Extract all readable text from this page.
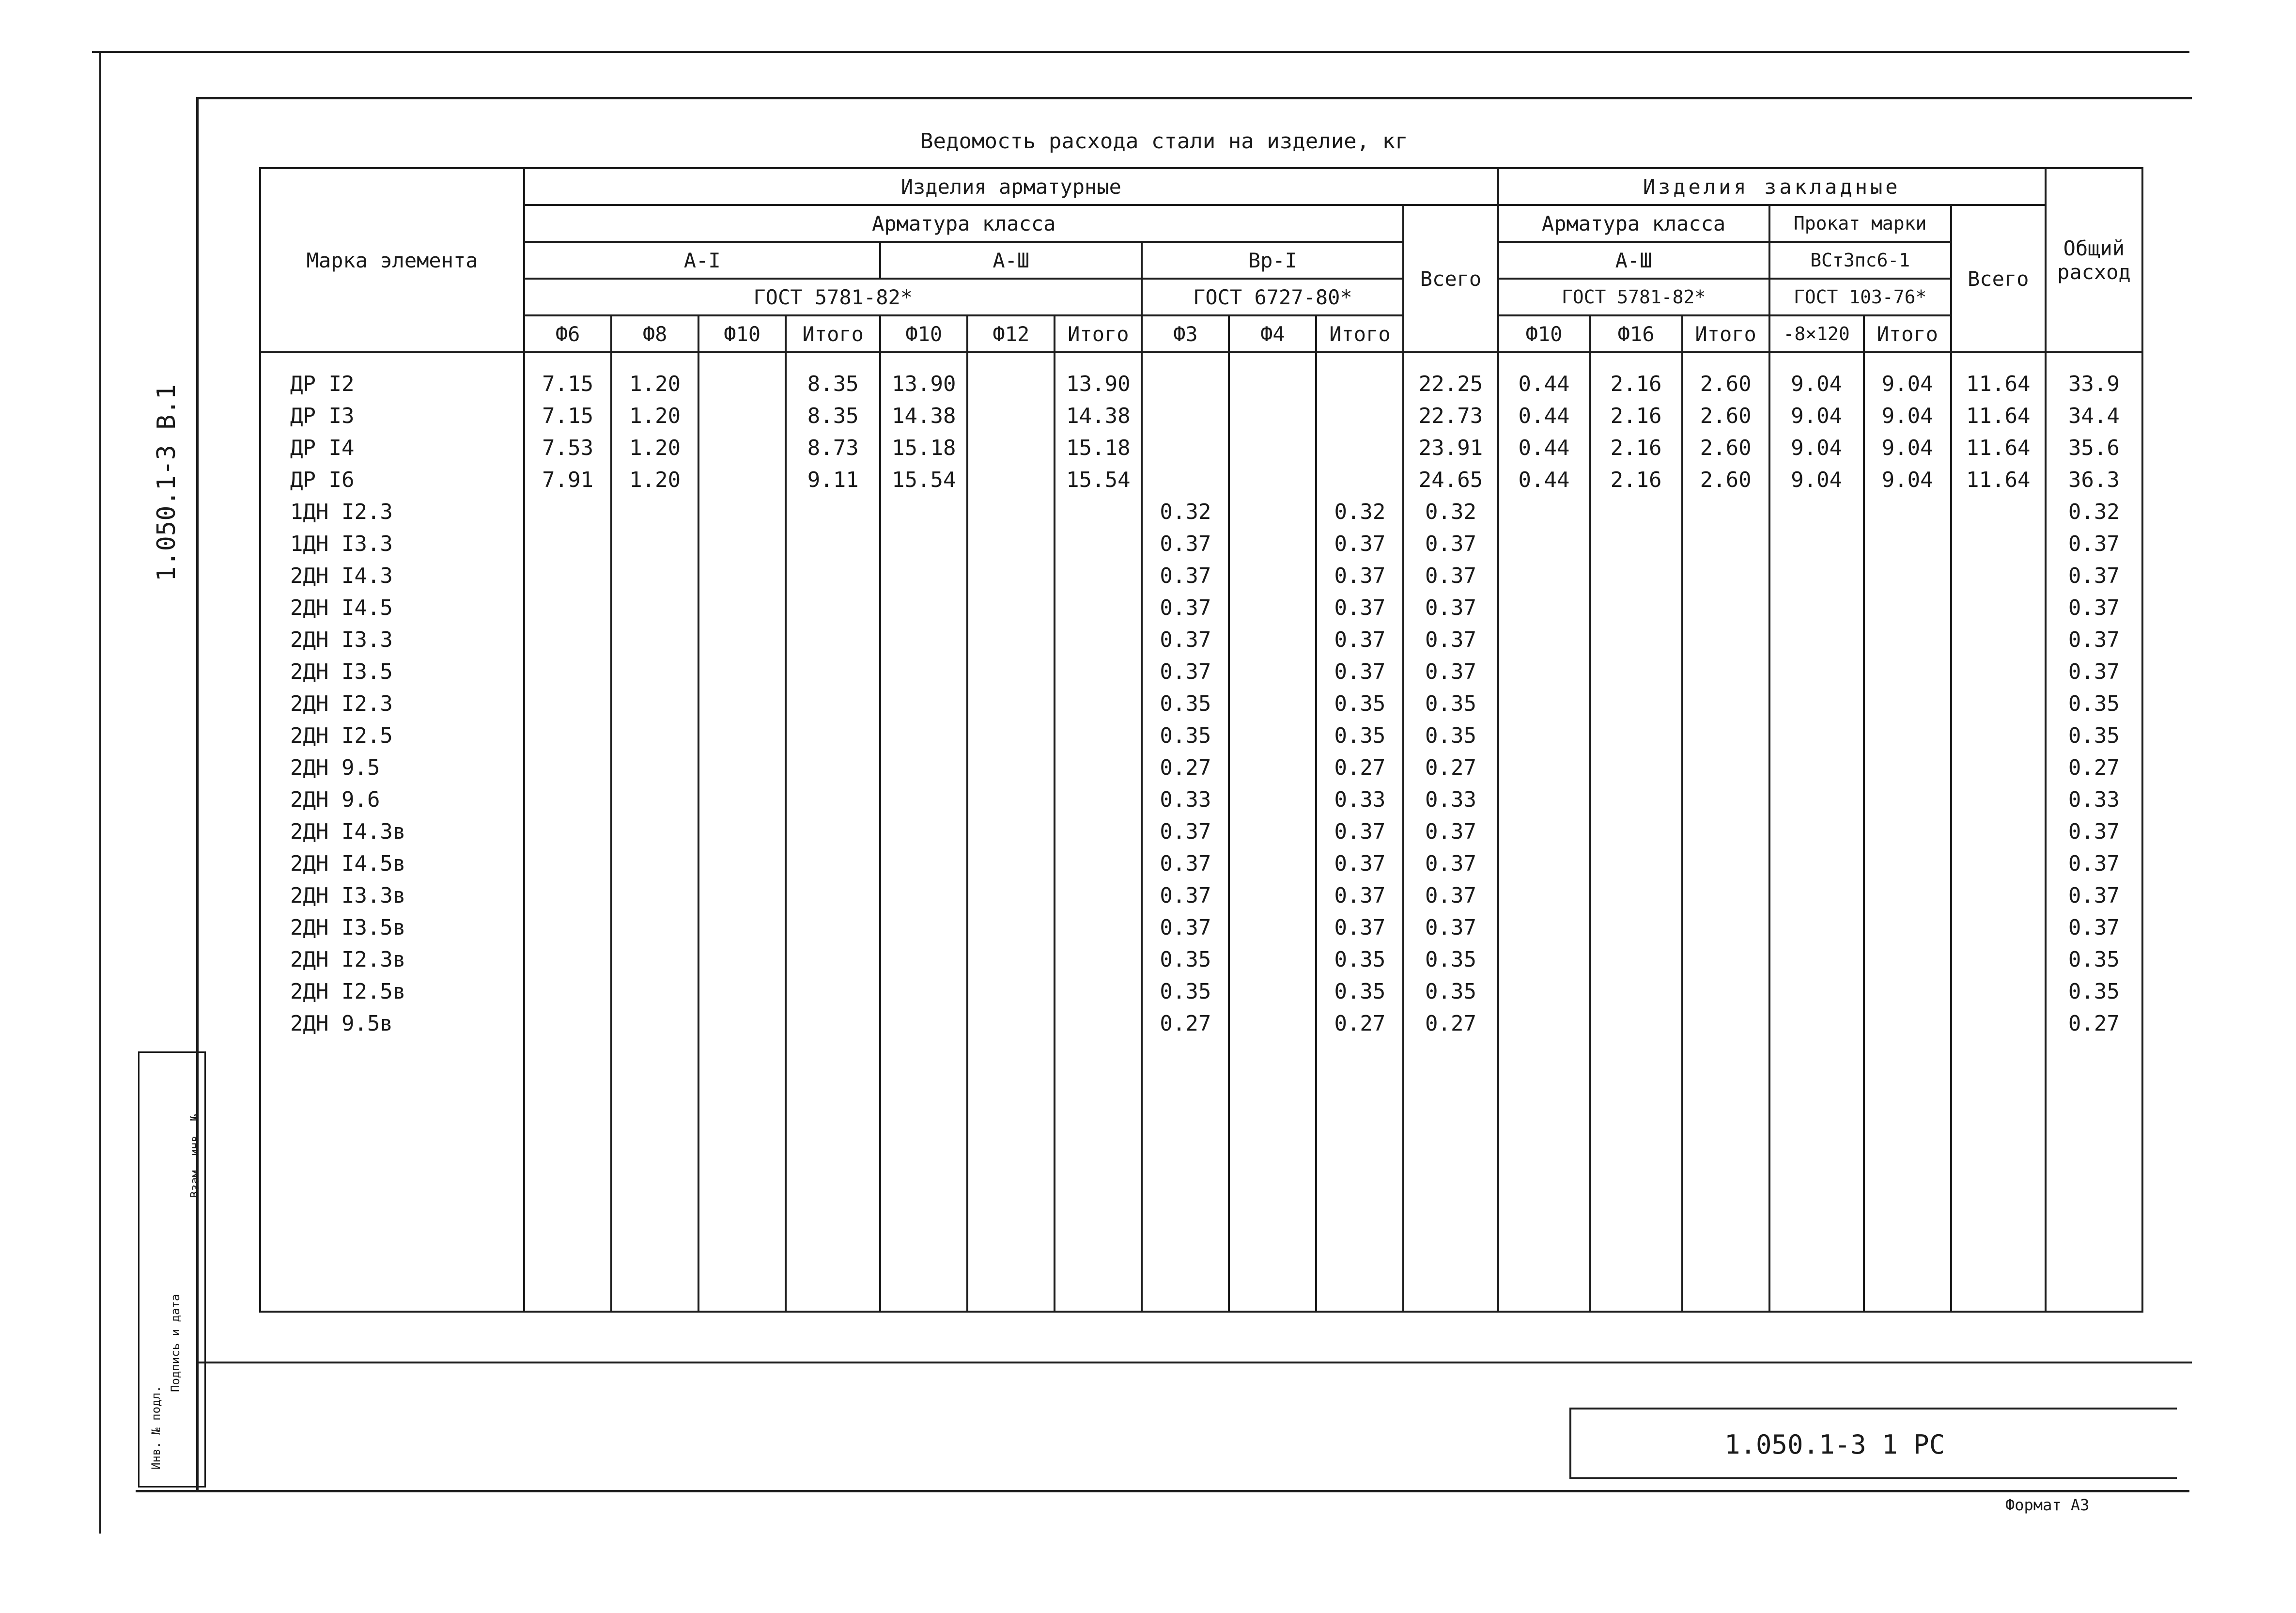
Ведомость расхода стали на изделие, кг
1.050.1-3 В.1
Марка элемента	Изделия арматурные											Изделия закладные						Общий расход

	Арматура класса										Всего	Арматура класса			Прокат марки		Всего	
	А-I				А-Ш			Вр-I				А-Ш			ВСт3пс6-1			
	ГОСТ 5781-82*							ГОСТ 6727-80*				ГОСТ 5781-82*			ГОСТ 103-76*			
	Ф6	Ф8	Ф10	Итого	Ф10	Ф12	Итого	Ф3	Ф4	Итого		Ф10	Ф16	Итого	-8×120	Итого		
ДР I2	7.15	1.20		8.35	13.90		13.90				22.25	0.44	2.16	2.60	9.04	9.04	11.64	33.9
ДР I3	7.15	1.20		8.35	14.38		14.38				22.73	0.44	2.16	2.60	9.04	9.04	11.64	34.4
ДР I4	7.53	1.20		8.73	15.18		15.18				23.91	0.44	2.16	2.60	9.04	9.04	11.64	35.6
ДР I6	7.91	1.20		9.11	15.54		15.54				24.65	0.44	2.16	2.60	9.04	9.04	11.64	36.3
1ДН I2.3								0.32		0.32	0.32							0.32
1ДН I3.3								0.37		0.37	0.37							0.37
2ДН I4.3								0.37		0.37	0.37							0.37
2ДН I4.5								0.37		0.37	0.37							0.37
2ДН I3.3								0.37		0.37	0.37							0.37
2ДН I3.5								0.37		0.37	0.37							0.37
2ДН I2.3								0.35		0.35	0.35							0.35
2ДН I2.5								0.35		0.35	0.35							0.35
2ДН 9.5								0.27		0.27	0.27							0.27
2ДН 9.6								0.33		0.33	0.33							0.33
2ДН I4.3в								0.37		0.37	0.37							0.37
2ДН I4.5в								0.37		0.37	0.37							0.37
2ДН I3.3в								0.37		0.37	0.37							0.37
2ДН I3.5в								0.37		0.37	0.37							0.37
2ДН I2.3в								0.35		0.35	0.35							0.35
2ДН I2.5в								0.35		0.35	0.35							0.35
2ДН 9.5в								0.27		0.27	0.27							0.27

1.050.1-3 1 РС
Формат А3
Инв. № подл.
Подпись и дата
Взам. инв. №
